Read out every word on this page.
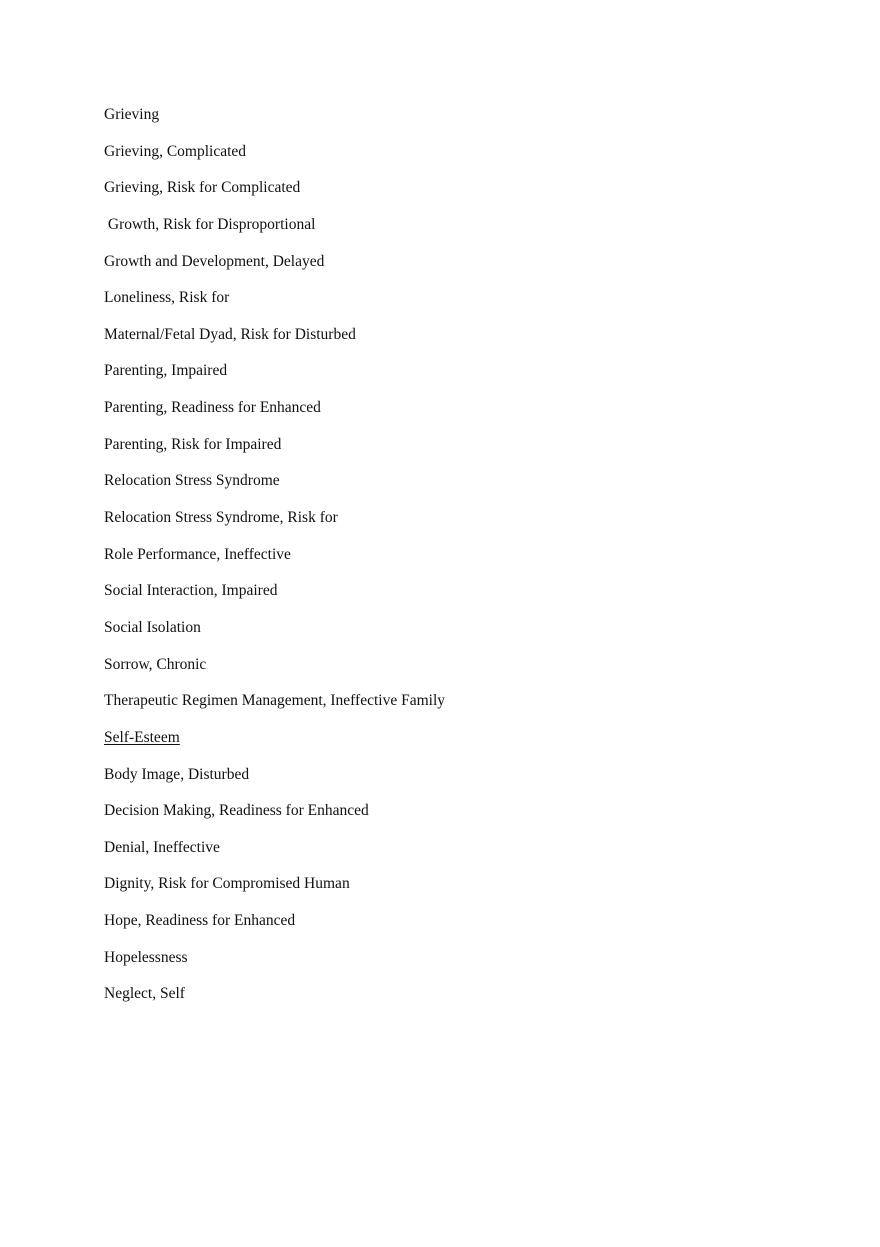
Grieving
Grieving, Complicated
Grieving, Risk for Complicated
Growth, Risk for Disproportional
Growth and Development, Delayed
Loneliness, Risk for
Maternal/Fetal Dyad, Risk for Disturbed
Parenting, Impaired
Parenting, Readiness for Enhanced
Parenting, Risk for Impaired
Relocation Stress Syndrome
Relocation Stress Syndrome, Risk for
Role Performance, Ineffective
Social Interaction, Impaired
Social Isolation
Sorrow, Chronic
Therapeutic Regimen Management, Ineffective Family
Self-Esteem
Body Image, Disturbed
Decision Making, Readiness for Enhanced
Denial, Ineffective
Dignity, Risk for Compromised Human
Hope, Readiness for Enhanced
Hopelessness
Neglect, Self
